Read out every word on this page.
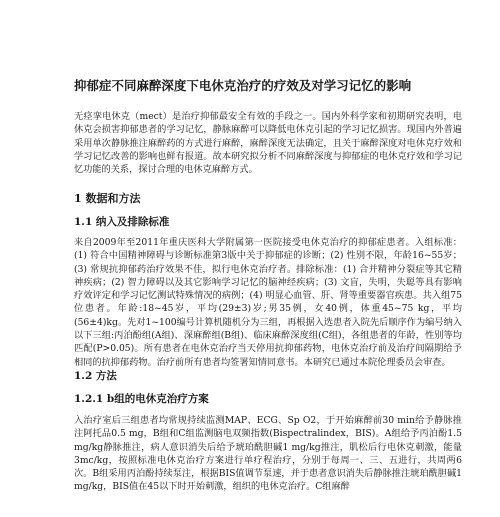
抑郁症不同麻醉深度下电休克治疗的疗效及对学习记忆的影响

无痉挛电休克（mect）是治疗抑郁最安全有效的手段之一。国内外科学家和初期研究表明，电休克会损害抑郁患者的学习记忆，静脉麻醉可以降低电休克引起的学习记忆损害。现国内外普遍采用单次静脉推注麻醉药的方式进行麻醉，麻醉深度无法确定，且关于麻醉深度对电休克疗效和学习记忆改善的影响也鲜有报道。故本研究拟分析不同麻醉深度与抑郁症的电休克疗效和学习记忆功能的关系，探讨合理的电休克麻醉方式。

1 数据和方法
1.1 纳入及排除标准

来自2009年至2011年重庆医科大学附属第一医院接受电休克治疗的抑郁症患者。入组标准：(1) 符合中国精神障碍与诊断标准第3版中关于抑郁症的诊断；(2) 性别不限，年龄16~55岁；(3) 常规抗抑郁药治疗效果不佳，拟行电休克治疗者。排除标准：(1) 合并精神分裂症等其它精神疾病；(2) 智力障碍以及其它影响学习记忆的脑神经疾病；(3) 文盲，失明，失聪等具有影响疗效评定和学习记忆测试特殊情况的病例；(4) 明显心血管、肝、肾等重要器官疾患。共入组75位患者。年龄:18~45岁，平均(29±3)岁;男35例，女40例，体重45~75 kg，平均(56±4)kg。先对1~100编号计算机随机分为三组，再根据入选患者入院先后顺序作为编号纳入以下三组:丙泊酚组(A组)、深麻醉组(B组)、临床麻醉深度组(C组)，各组患者的年龄，性别等均匹配(P>0.05)。所有患者在电休克治疗当天停用抗抑郁药物，电休克治疗前及治疗间隔期给予相同的抗抑郁药物。治疗前所有患者均签署知情同意书。本研究已通过本院伦理委员会审查。

1.2 方法
1.2.1 b组的电休克治疗方案

入治疗室后三组患者均常规持续监测MAP、ECG、Sp O2，于开始麻醉前30 min给予静脉推注阿托品0.5 mg，B组和C组监测脑电双频指数(Bispectralindex，BIS)。A组给予丙泊酚1.5 mg/kg静脉推注，病人意识消失后给予琥珀酰胆碱1 mg/kg推注，肌松后行电休克刺激，能量3mc/kg，按照标准电休克治疗方案进行单疗程治疗，分别于每周一、三、五进行，共周两6次。B组采用丙泊酚持续泵注，根据BIS值调节泵速，并于患者意识消失后静脉推注琥珀酰胆碱1 mg/kg，BIS值在45以下时开始刺激，组织的电休克治疗。C组麻醉
